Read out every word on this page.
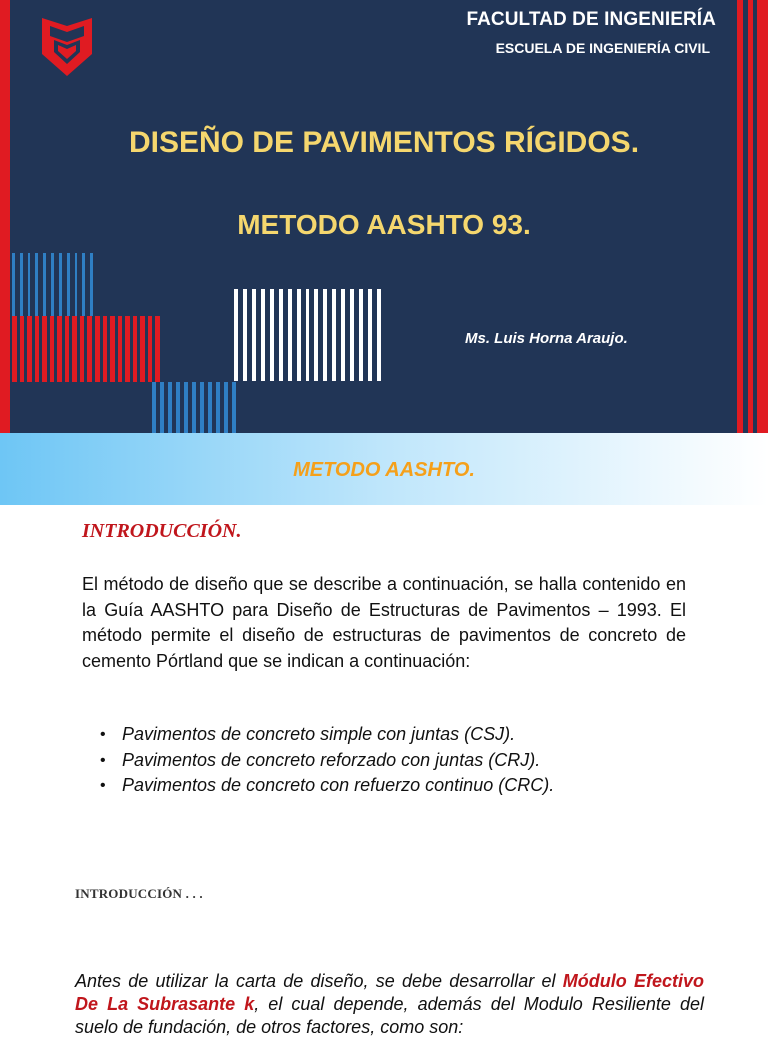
FACULTAD DE INGENIERÍA
ESCUELA DE INGENIERÍA CIVIL
DISEÑO DE PAVIMENTOS RÍGIDOS.
METODO AASHTO 93.
Ms. Luis Horna Araujo.
METODO AASHTO.
INTRODUCCIÓN.

El método de diseño que se describe a continuación, se halla contenido en la Guía AASHTO para Diseño de Estructuras de Pavimentos – 1993. El método permite el diseño de estructuras de pavimentos de concreto de cemento Pórtland que se indican a continuación:

• Pavimentos de concreto simple con juntas (CSJ).
• Pavimentos de concreto reforzado con juntas (CRJ).
• Pavimentos de concreto con refuerzo continuo (CRC).
INTRODUCCIÓN . . .

Antes de utilizar la carta de diseño, se debe desarrollar el Módulo Efectivo De La Subrasante k, el cual depende, además del Modulo Resiliente del suelo de fundación, de otros factores, como son:
